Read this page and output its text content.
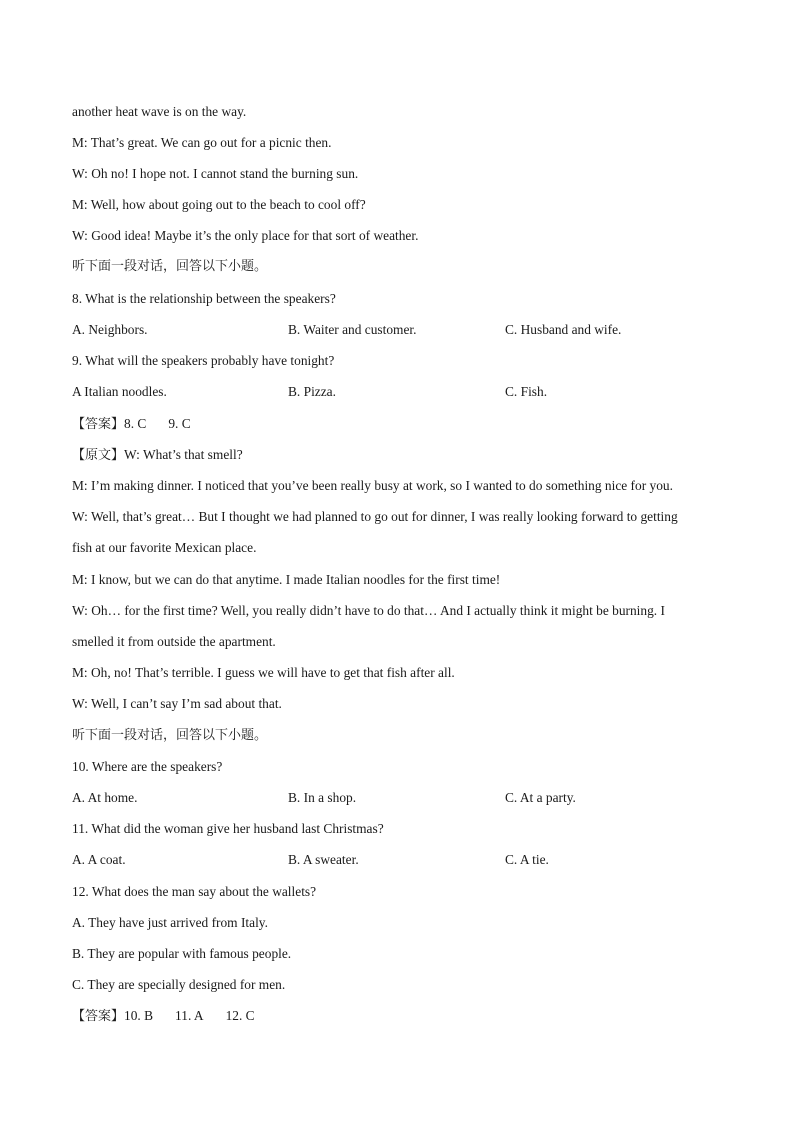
another heat wave is on the way.
M: That’s great. We can go out for a picnic then.
W: Oh no! I hope not. I cannot stand the burning sun.
M: Well, how about going out to the beach to cool off?
W: Good idea! Maybe it’s the only place for that sort of weather.
听下面一段对话，回答以下小题。
8. What is the relationship between the speakers?
A. Neighbors.	B. Waiter and customer.	C. Husband and wife.
9. What will the speakers probably have tonight?
A Italian noodles.	B. Pizza.	C. Fish.
【答案】8. C 9. C
【原文】W: What’s that smell?
M: I’m making dinner. I noticed that you’ve been really busy at work, so I wanted to do something nice for you.
W: Well, that’s great… But I thought we had planned to go out for dinner, I was really looking forward to getting
fish at our favorite Mexican place.
M: I know, but we can do that anytime. I made Italian noodles for the first time!
W: Oh… for the first time? Well, you really didn’t have to do that… And I actually think it might be burning. I
smelled it from outside the apartment.
M: Oh, no! That’s terrible. I guess we will have to get that fish after all.
W: Well, I can’t say I’m sad about that.
听下面一段对话，回答以下小题。
10. Where are the speakers?
A. At home.	B. In a shop.	C. At a party.
11. What did the woman give her husband last Christmas?
A. A coat.	B. A sweater.	C. A tie.
12. What does the man say about the wallets?
A. They have just arrived from Italy.
B. They are popular with famous people.
C. They are specially designed for men.
【答案】10. B 11. A 12. C
